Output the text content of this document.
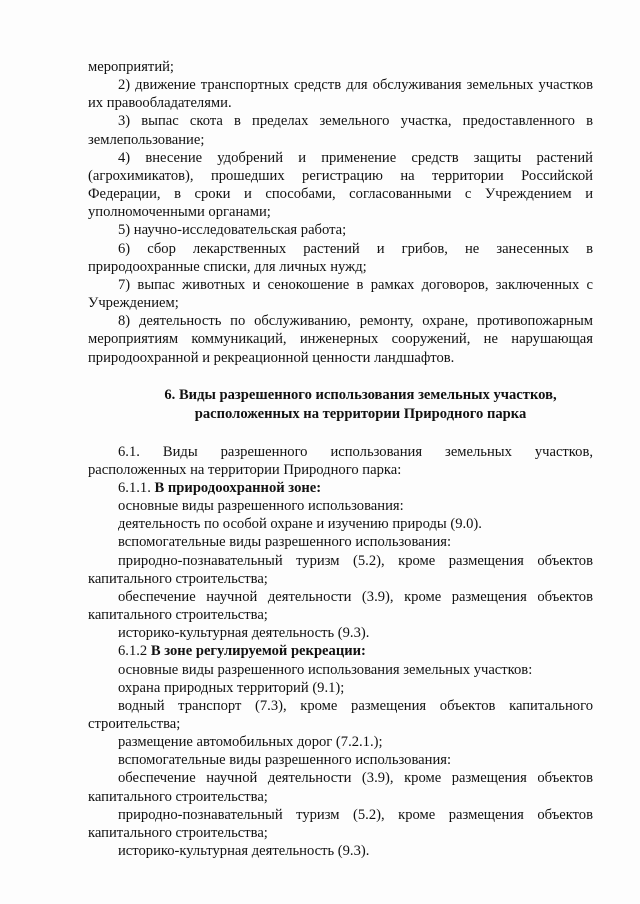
мероприятий;

2) движение транспортных средств для обслуживания земельных участков их правообладателями.

3) выпас скота в пределах земельного участка, предоставленного в землепользование;

4) внесение удобрений и применение средств защиты растений (агрохимикатов), прошедших регистрацию на территории Российской Федерации, в сроки и способами, согласованными с Учреждением и уполномоченными органами;

5) научно-исследовательская работа;

6) сбор лекарственных растений и грибов, не занесенных в природоохранные списки, для личных нужд;

7) выпас животных и сенокошение в рамках договоров, заключенных с Учреждением;

8) деятельность по обслуживанию, ремонту, охране, противопожарным мероприятиям коммуникаций, инженерных сооружений, не нарушающая природоохранной и рекреационной ценности ландшафтов.

6. Виды разрешенного использования земельных участков,
расположенных на территории Природного парка

6.1. Виды разрешенного использования земельных участков, расположенных на территории Природного парка:

6.1.1. В природоохранной зоне:

основные виды разрешенного использования:

деятельность по особой охране и изучению природы (9.0).

вспомогательные виды разрешенного использования:

природно-познавательный туризм (5.2), кроме размещения объектов капитального строительства;

обеспечение научной деятельности (3.9), кроме размещения объектов капитального строительства;

историко-культурная деятельность (9.3).

6.1.2 В зоне регулируемой рекреации:

основные виды разрешенного использования земельных участков:

охрана природных территорий (9.1);

водный транспорт (7.3), кроме размещения объектов капитального строительства;

размещение автомобильных дорог (7.2.1.);

вспомогательные виды разрешенного использования:

обеспечение научной деятельности (3.9), кроме размещения объектов капитального строительства;

природно-познавательный туризм (5.2), кроме размещения объектов капитального строительства;

историко-культурная деятельность (9.3).
